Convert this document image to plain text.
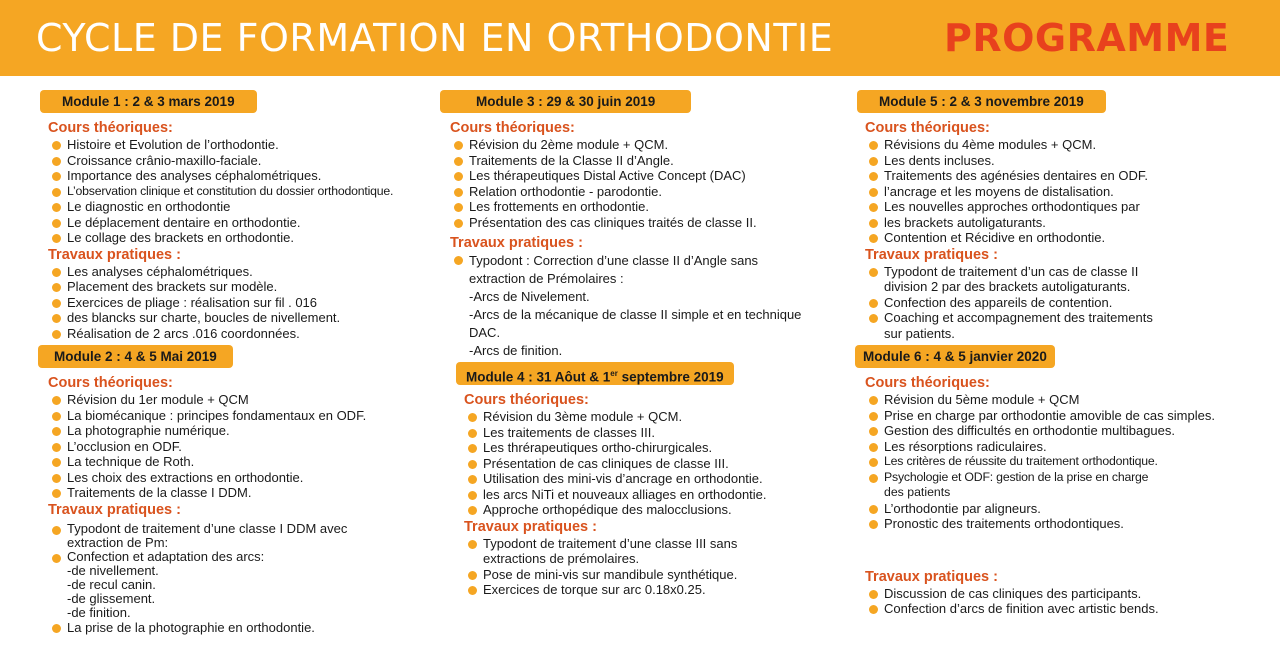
CYCLE DE FORMATION EN ORTHODONTIE	PROGRAMME
Module 1 : 2 & 3 mars 2019
Cours théoriques:
Histoire et Evolution de l’orthodontie.
Croissance crânio-maxillo-faciale.
Importance des analyses céphalométriques.
L’observation clinique et constitution du dossier orthodontique.
Le diagnostic en orthodontie
Le déplacement dentaire en orthodontie.
Le collage des brackets en orthodontie.
Travaux pratiques :
Les analyses céphalométriques.
Placement des brackets sur modèle.
Exercices de pliage : réalisation sur fil . 016
des blancks sur charte, boucles de nivellement.
Réalisation de 2 arcs .016 coordonnées.
Module 2 : 4 & 5 Mai 2019
Cours théoriques:
Révision du 1er module + QCM
La biomécanique : principes fondamentaux en ODF.
La photographie numérique.
L’occlusion en ODF.
La technique de Roth.
Les choix des extractions en orthodontie.
Traitements de la classe I DDM.
Travaux pratiques :
Typodont de traitement d’une classe I DDM avec
extraction de Pm:
Confection et adaptation des arcs:
-de nivellement.
-de recul canin.
-de glissement.
-de finition.
La prise de la photographie en orthodontie.
Module 3 : 29 & 30 juin 2019
Cours théoriques:
Révision du 2ème module + QCM.
Traitements de la Classe II d’Angle.
Les thérapeutiques Distal Active Concept (DAC)
Relation orthodontie - parodontie.
Les frottements en orthodontie.
Présentation des cas cliniques traités de classe II.
Travaux pratiques :
Typodont : Correction d’une classe II d’Angle sans
extraction de Prémolaires :
-Arcs de Nivelement.
-Arcs de la mécanique de classe II simple et en technique
DAC.
-Arcs de finition.
Module 4 : 31 Aôut & 1er septembre 2019
Cours théoriques:
Révision du 3ème module + QCM.
Les traitements de classes III.
Les thrérapeutiques ortho-chirurgicales.
Présentation de cas cliniques de classe III.
Utilisation des mini-vis d’ancrage en orthodontie.
les arcs NiTi et nouveaux alliages en orthodontie.
Approche orthopédique des malocclusions.
Travaux pratiques :
Typodont de traitement d’une classe III sans
extractions de prémolaires.
Pose de mini-vis sur mandibule synthétique.
Exercices de torque sur arc 0.18x0.25.
Module 5 : 2 & 3 novembre 2019
Cours théoriques:
Révisions du 4ème modules + QCM.
Les dents incluses.
Traitements des agénésies dentaires en ODF.
l’ancrage et les moyens de distalisation.
Les nouvelles approches orthodontiques par
les brackets autoligaturants.
Contention et Récidive en orthodontie.
Travaux pratiques :
Typodont de traitement d’un cas de classe II
division 2 par des brackets autoligaturants.
Confection des appareils de contention.
Coaching et accompagnement des traitements
sur patients.
Module 6 : 4 & 5 janvier 2020
Cours théoriques:
Révision du 5ème module + QCM
Prise en charge par orthodontie amovible de cas simples.
Gestion des difficultés en orthodontie multibagues.
Les résorptions radiculaires.
Les critères de réussite du traitement orthodontique.
Psychologie et ODF: gestion de la prise en charge
des patients
L’orthodontie par aligneurs.
Pronostic des traitements orthodontiques.
Travaux pratiques :
Discussion de cas cliniques des participants.
Confection d’arcs de finition avec artistic bends.
